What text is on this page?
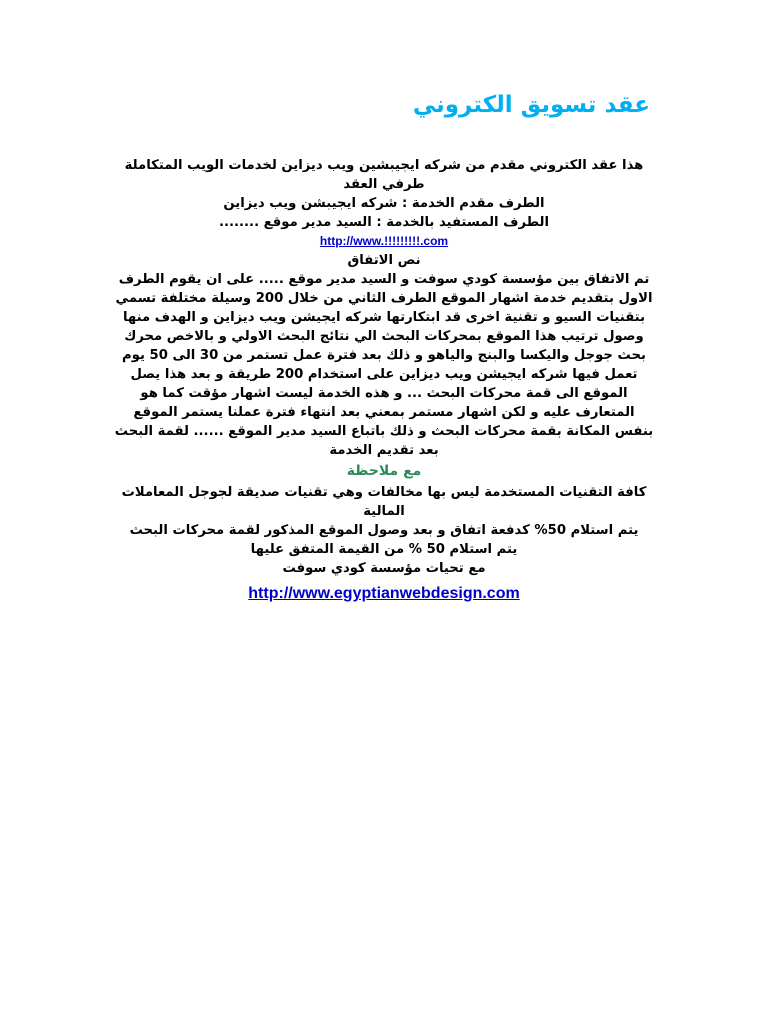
عقد تسويق الكتروني

هذا عقد الكتروني مقدم من شركه ايجيبشين ويب ديزاين لخدمات الويب المتكاملة

طرفي العقد

الطرف مقدم الخدمة : شركه ايجيبشن ويب ديزاين

الطرف المستفيد بالخدمة : السيد مدير موقع ........

http://www.!!!!!!!!!.com

نص الاتفاق

تم الاتفاق بين مؤسسة كودي سوفت و السيد مدير موقع ..... على ان يقوم الطرف الاول بتقديم خدمة اشهار الموقع الطرف الثاني من خلال 200 وسيلة مختلفة تسمي بتقنيات السيو و تقنية اخرى قد ابتكارتها شركه ايجيشن ويب ديزاين و الهدف منها وصول ترتيب هذا الموقع بمحركات البحث الي نتائج البحث الاولي و بالاخص محرك بحث جوجل واليكسا والبنج والياهو و ذلك بعد فترة عمل تستمر من 30 الى 50 يوم تعمل فيها شركه ايجيشن ويب ديزاين على استخدام 200 طريقة و بعد هذا يصل الموقع الى قمة محركات البحث ... و هذه الخدمة ليست اشهار مؤقت كما هو المتعارف عليه و لكن اشهار مستمر بمعني بعد انتهاء فترة عملنا يستمر الموقع بنفس المكانة بقمة محركات البحث و ذلك باتباع السيد مدير الموقع ...... لقمة البحث بعد تقديم الخدمة

مع ملاحظة

كافة التقنيات المستخدمة ليس بها مخالفات وهي تقنيات صديقة لجوجل المعاملات المالية

يتم استلام 50% كدفعة اتفاق و بعد وصول الموقع المذكور لقمة محركات البحث

يتم استلام 50 % من القيمة المتفق عليها

مع تحيات مؤسسة كودي سوفت

http://www.egyptianwebdesign.com
